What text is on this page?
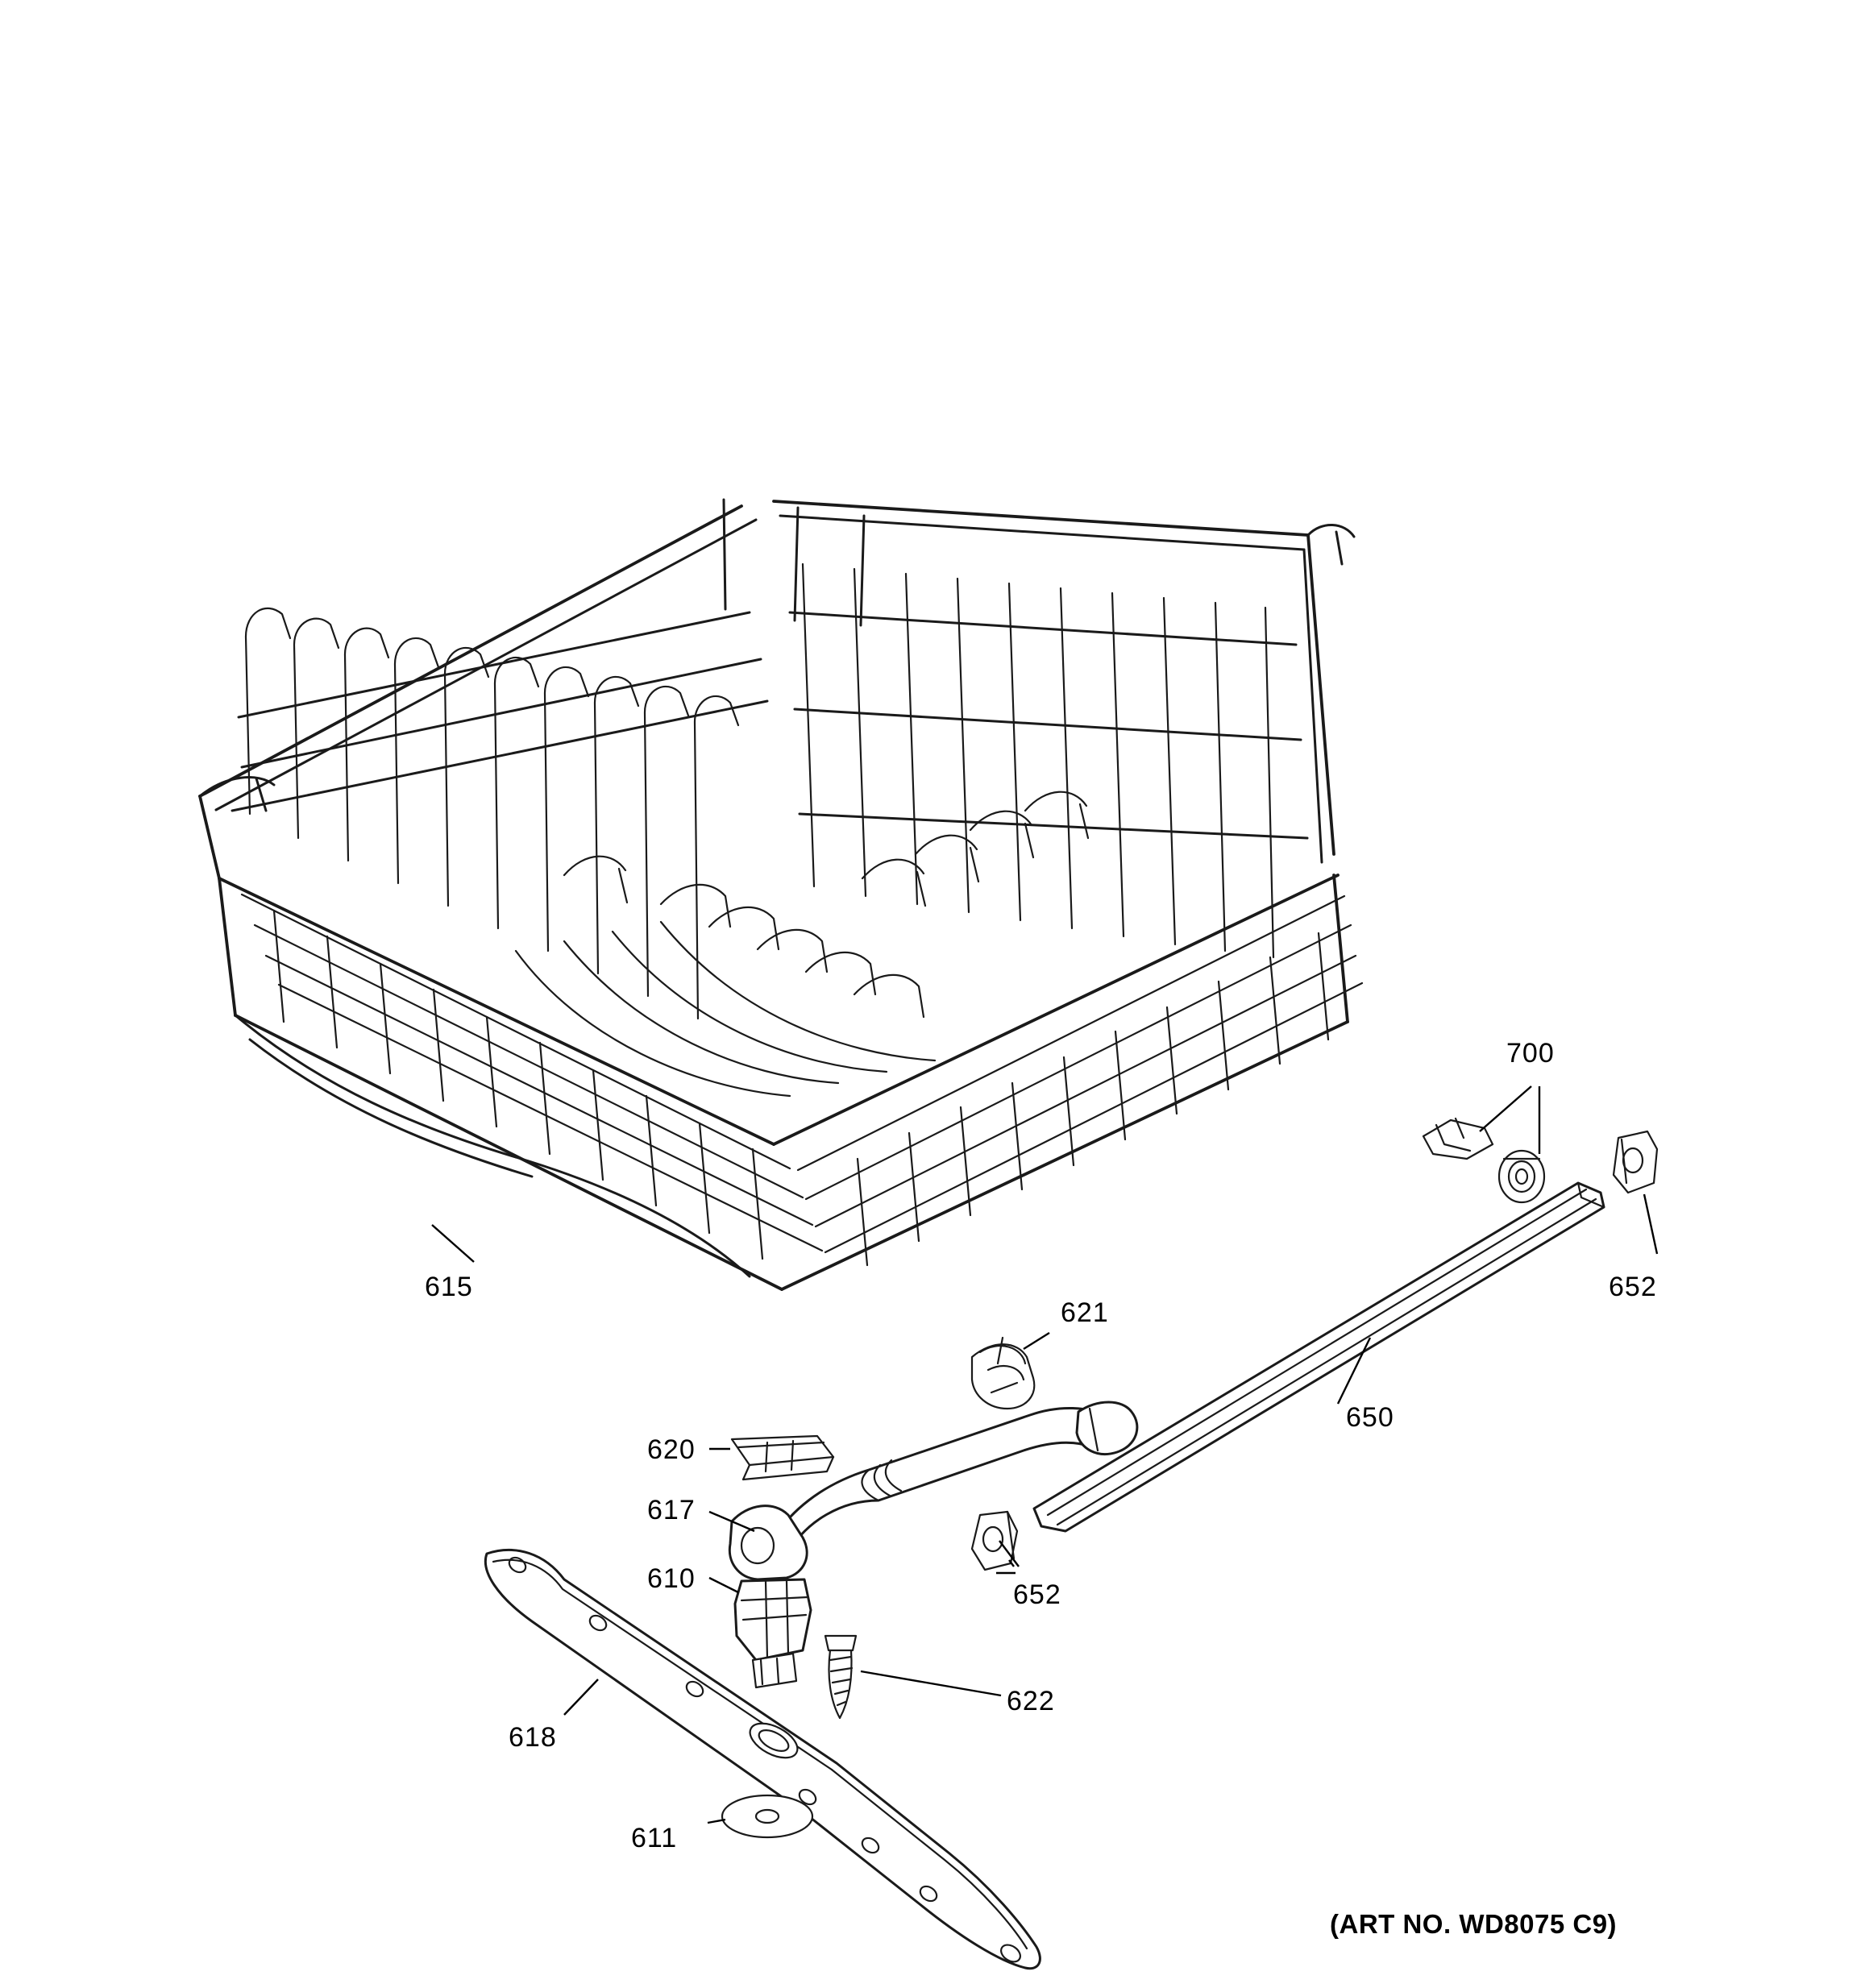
615
700
652
621
650
620
617
652
610
622
618
611
(ART NO. WD8075 C9)
